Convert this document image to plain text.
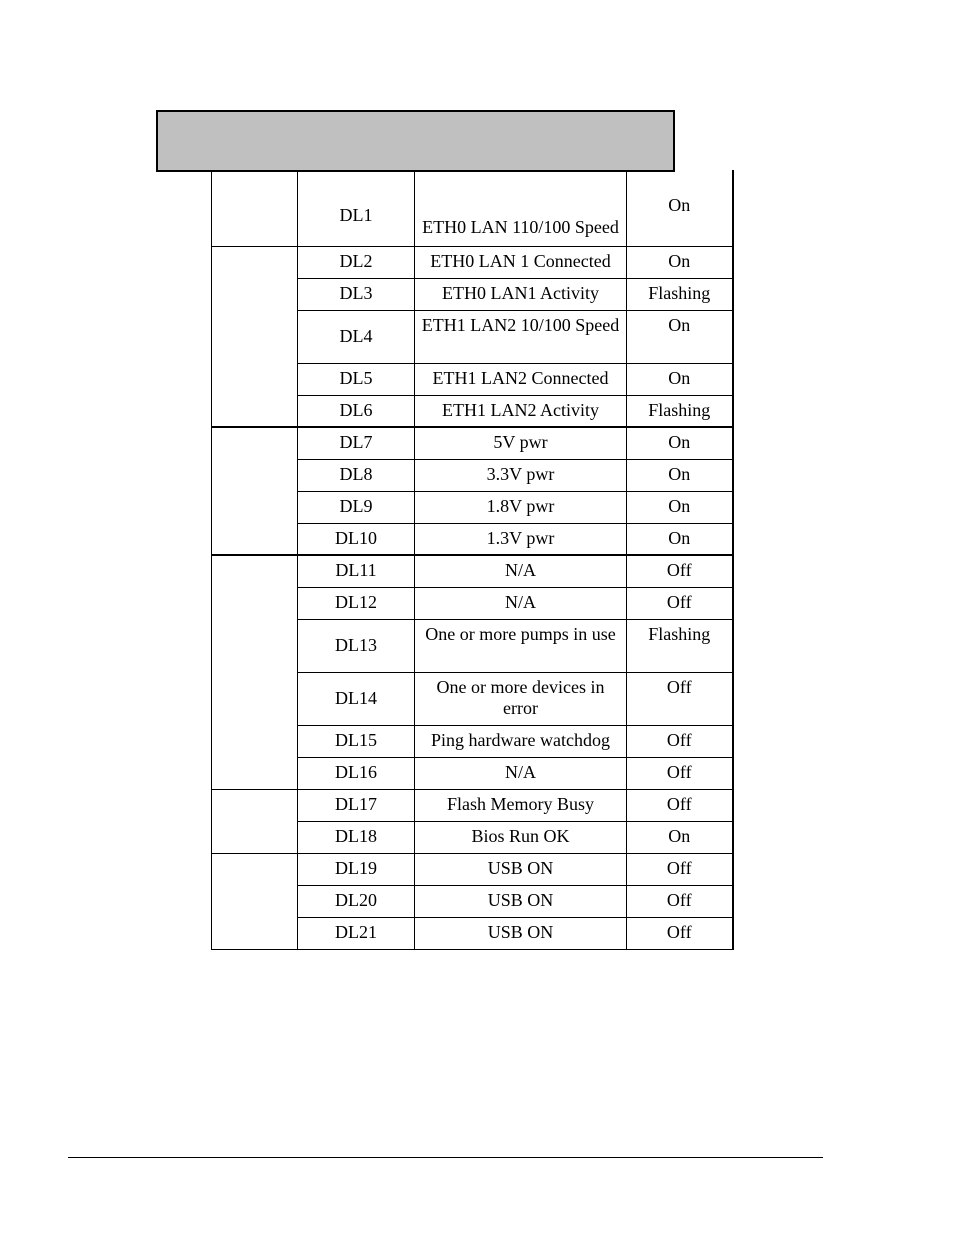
	DL1	ETH0 LAN 110/100 Speed	On

	DL2	ETH0 LAN 1 Connected	On
	DL3	ETH0 LAN1 Activity	Flashing
	DL4	ETH1 LAN2 10/100 Speed	On
	DL5	ETH1 LAN2 Connected	On
	DL6	ETH1 LAN2 Activity	Flashing
	DL7	5V pwr	On
	DL8	3.3V pwr	On
	DL9	1.8V pwr	On
	DL10	1.3V pwr	On
	DL11	N/A	Off
	DL12	N/A	Off
	DL13	One or more pumps in use	Flashing
	DL14	One or more devices in error	Off
	DL15	Ping hardware watchdog	Off
	DL16	N/A	Off
	DL17	Flash Memory Busy	Off
	DL18	Bios Run OK	On
	DL19	USB ON	Off
	DL20	USB ON	Off
	DL21	USB ON	Off
